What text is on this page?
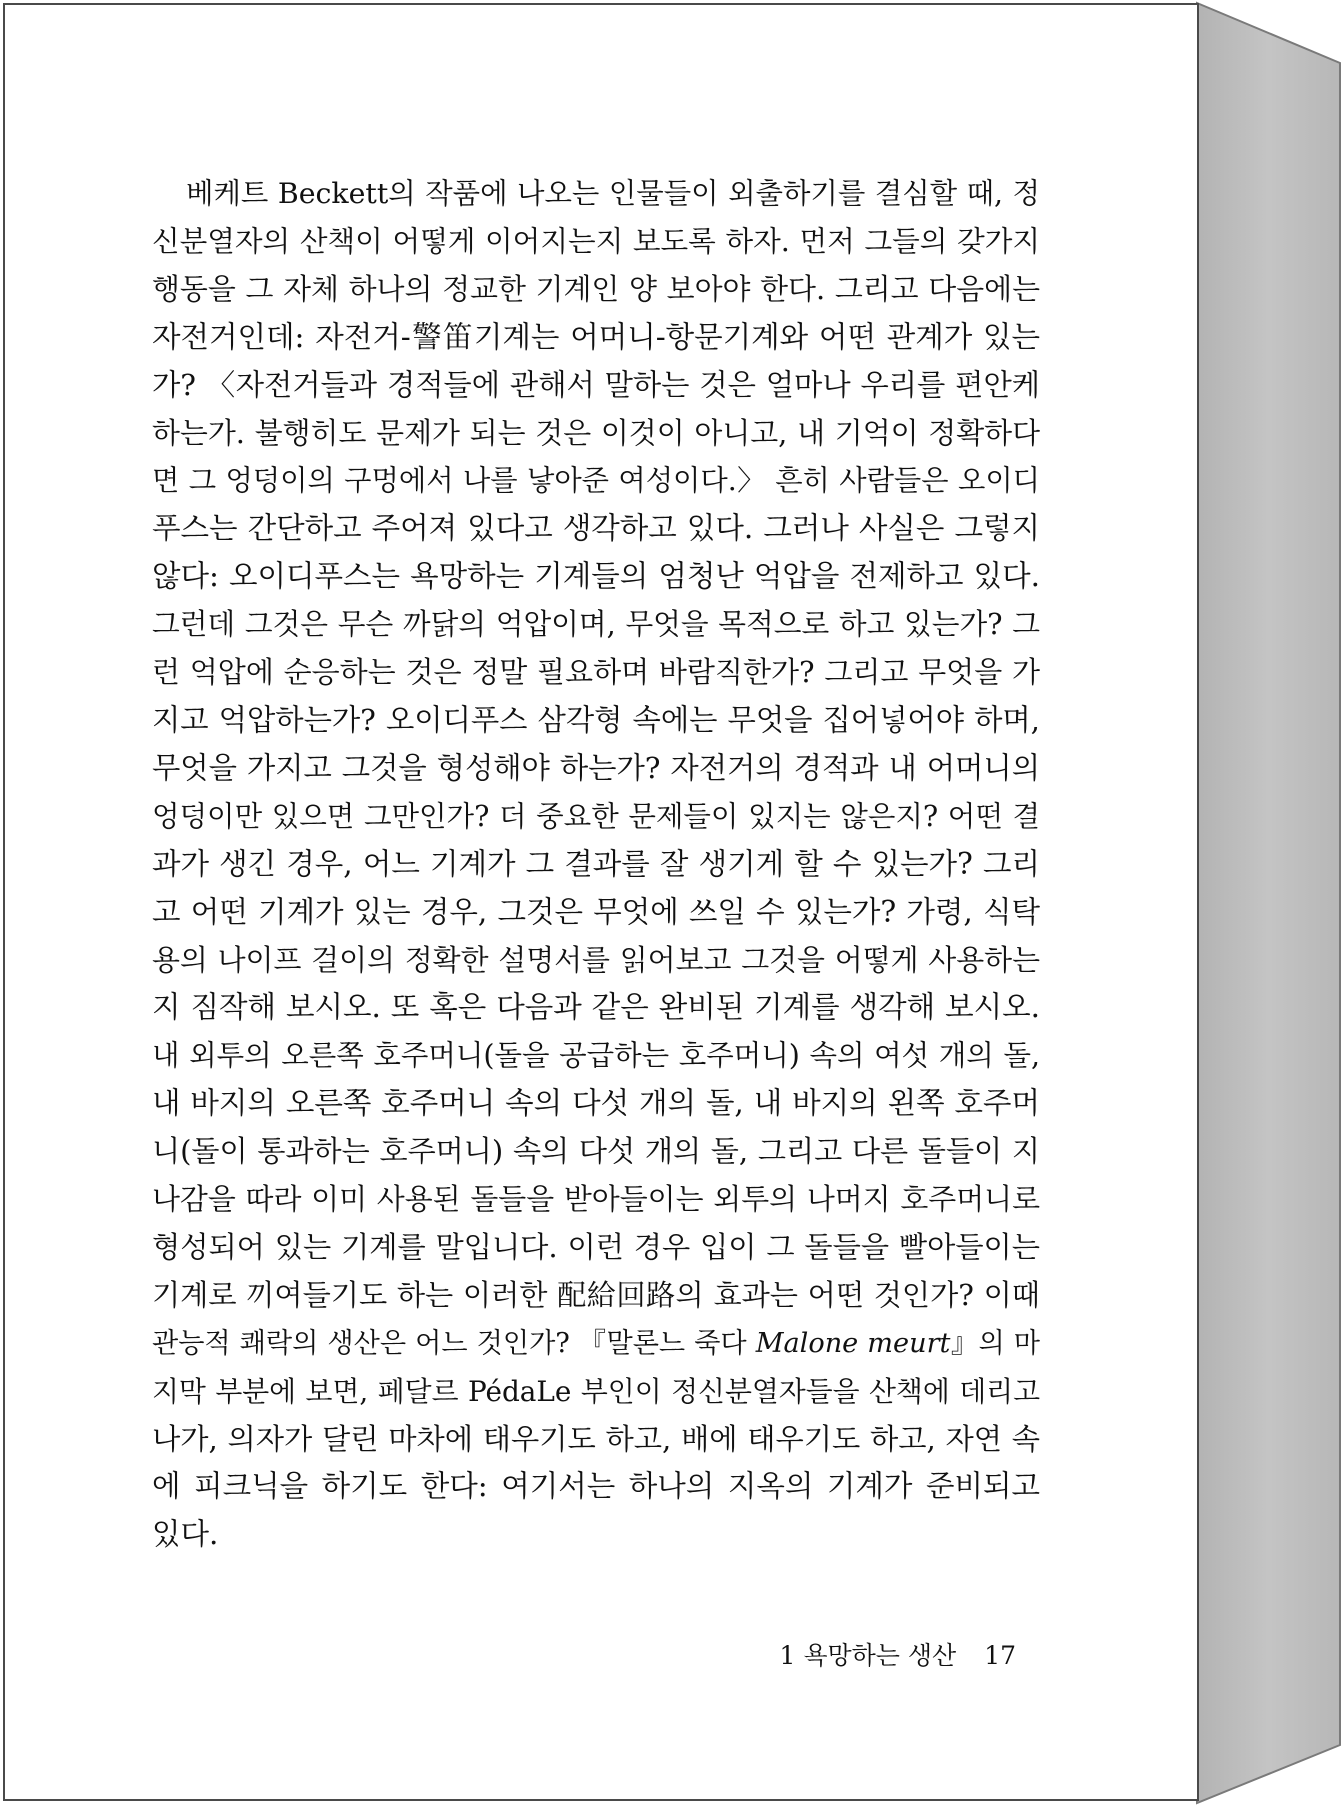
베케트 Beckett의 작품에 나오는 인물들이 외출하기를 결심할 때, 정
신분열자의 산책이 어떻게 이어지는지 보도록 하자. 먼저 그들의 갖가지
행동을 그 자체 하나의 정교한 기계인 양 보아야 한다. 그리고 다음에는
자전거인데: 자전거-警笛기계는 어머니-항문기계와 어떤 관계가 있는
가? 〈자전거들과 경적들에 관해서 말하는 것은 얼마나 우리를 편안케
하는가. 불행히도 문제가 되는 것은 이것이 아니고, 내 기억이 정확하다
면 그 엉덩이의 구멍에서 나를 낳아준 여성이다.〉 흔히 사람들은 오이디
푸스는 간단하고 주어져 있다고 생각하고 있다. 그러나 사실은 그렇지
않다: 오이디푸스는 욕망하는 기계들의 엄청난 억압을 전제하고 있다.
그런데 그것은 무슨 까닭의 억압이며, 무엇을 목적으로 하고 있는가? 그
런 억압에 순응하는 것은 정말 필요하며 바람직한가? 그리고 무엇을 가
지고 억압하는가? 오이디푸스 삼각형 속에는 무엇을 집어넣어야 하며,
무엇을 가지고 그것을 형성해야 하는가? 자전거의 경적과 내 어머니의
엉덩이만 있으면 그만인가? 더 중요한 문제들이 있지는 않은지? 어떤 결
과가 생긴 경우, 어느 기계가 그 결과를 잘 생기게 할 수 있는가? 그리
고 어떤 기계가 있는 경우, 그것은 무엇에 쓰일 수 있는가? 가령, 식탁
용의 나이프 걸이의 정확한 설명서를 읽어보고 그것을 어떻게 사용하는
지 짐작해 보시오. 또 혹은 다음과 같은 완비된 기계를 생각해 보시오.
내 외투의 오른쪽 호주머니(돌을 공급하는 호주머니) 속의 여섯 개의 돌,
내 바지의 오른쪽 호주머니 속의 다섯 개의 돌, 내 바지의 왼쪽 호주머
니(돌이 통과하는 호주머니) 속의 다섯 개의 돌, 그리고 다른 돌들이 지
나감을 따라 이미 사용된 돌들을 받아들이는 외투의 나머지 호주머니로
형성되어 있는 기계를 말입니다. 이런 경우 입이 그 돌들을 빨아들이는
기계로 끼여들기도 하는 이러한 配給回路의 효과는 어떤 것인가? 이때
관능적 쾌락의 생산은 어느 것인가? 『말론느 죽다 Malone meurt』의 마
지막 부분에 보면, 페달르 PédaLe 부인이 정신분열자들을 산책에 데리고
나가, 의자가 달린 마차에 태우기도 하고, 배에 태우기도 하고, 자연 속
에 피크닉을 하기도 한다: 여기서는 하나의 지옥의 기계가 준비되고
있다.
1 욕망하는 생산 17
